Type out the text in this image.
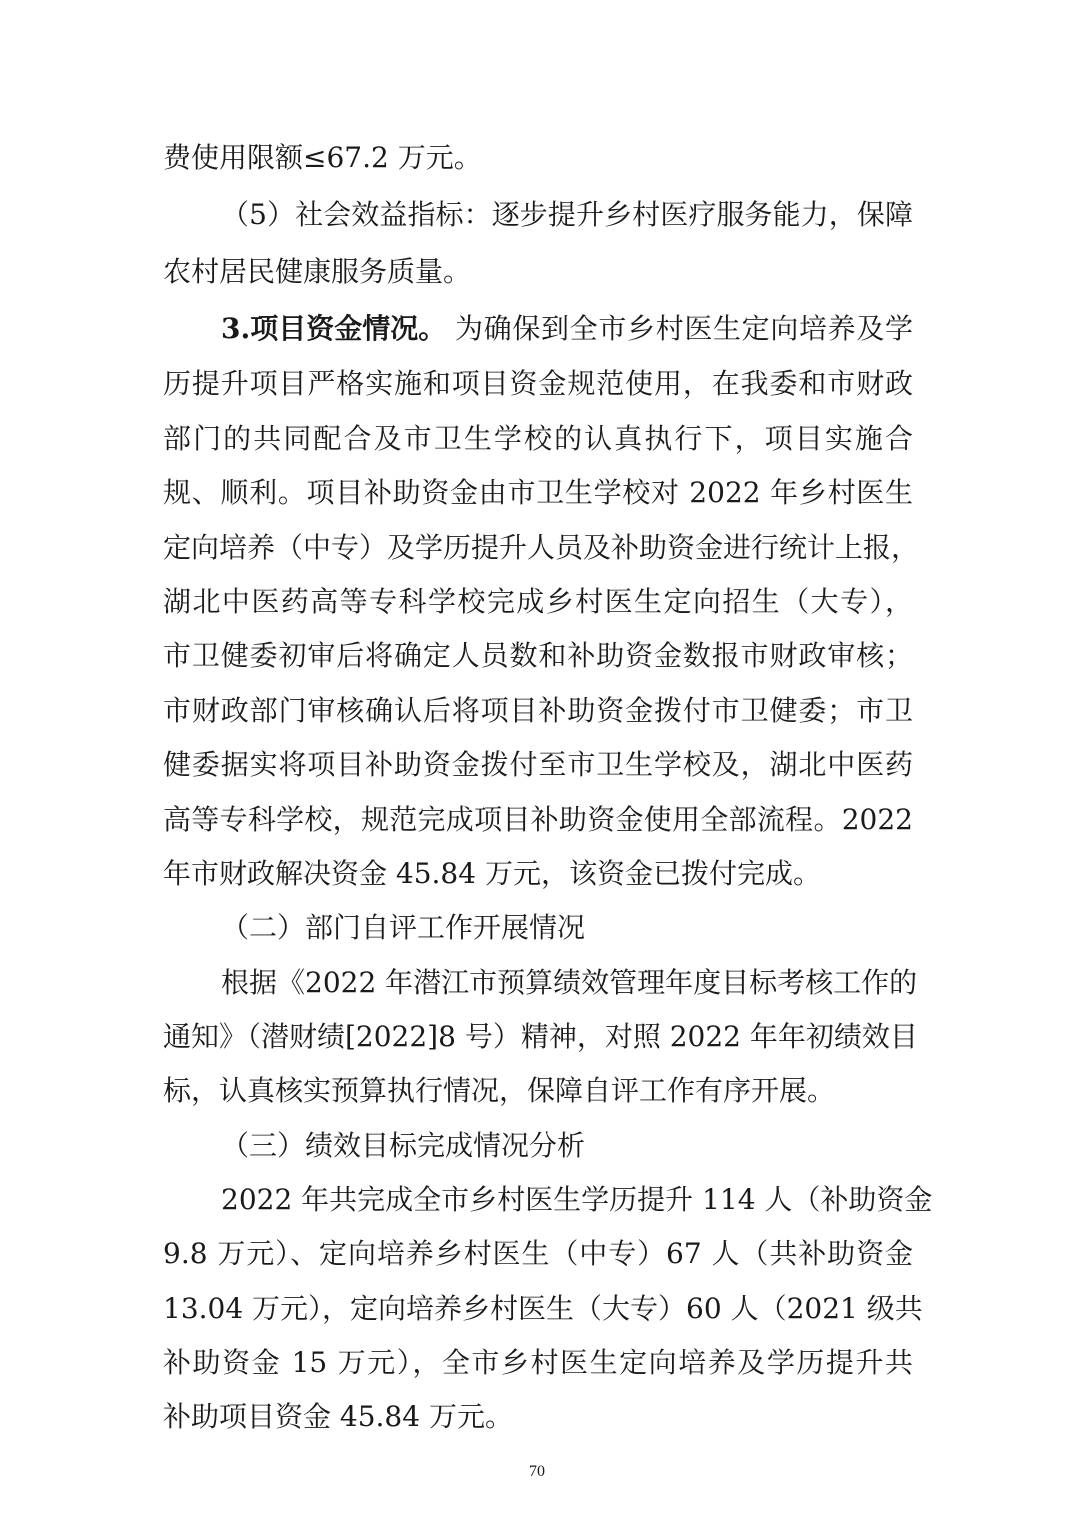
费使用限额≤67.2 万元。
（5）社会效益指标：逐步提升乡村医疗服务能力，保障
农村居民健康服务质量。
3.项目资金情况。 为确保到全市乡村医生定向培养及学
历提升项目严格实施和项目资金规范使用，在我委和市财政
部门的共同配合及市卫生学校的认真执行下，项目实施合
规、顺利。项目补助资金由市卫生学校对 2022 年乡村医生
定向培养（中专）及学历提升人员及补助资金进行统计上报，
湖北中医药高等专科学校完成乡村医生定向招生（大专），
市卫健委初审后将确定人员数和补助资金数报市财政审核；
市财政部门审核确认后将项目补助资金拨付市卫健委；市卫
健委据实将项目补助资金拨付至市卫生学校及，湖北中医药
高等专科学校，规范完成项目补助资金使用全部流程。2022
年市财政解决资金 45.84 万元，该资金已拨付完成。
（二）部门自评工作开展情况
根据《2022 年潜江市预算绩效管理年度目标考核工作的
通知》（潜财绩[2022]8 号）精神，对照 2022 年年初绩效目
标，认真核实预算执行情况，保障自评工作有序开展。
（三）绩效目标完成情况分析
2022 年共完成全市乡村医生学历提升 114 人（补助资金
9.8 万元）、定向培养乡村医生（中专）67 人（共补助资金
13.04 万元），定向培养乡村医生（大专）60 人（2021 级共
补助资金 15 万元），全市乡村医生定向培养及学历提升共
补助项目资金 45.84 万元。
70
